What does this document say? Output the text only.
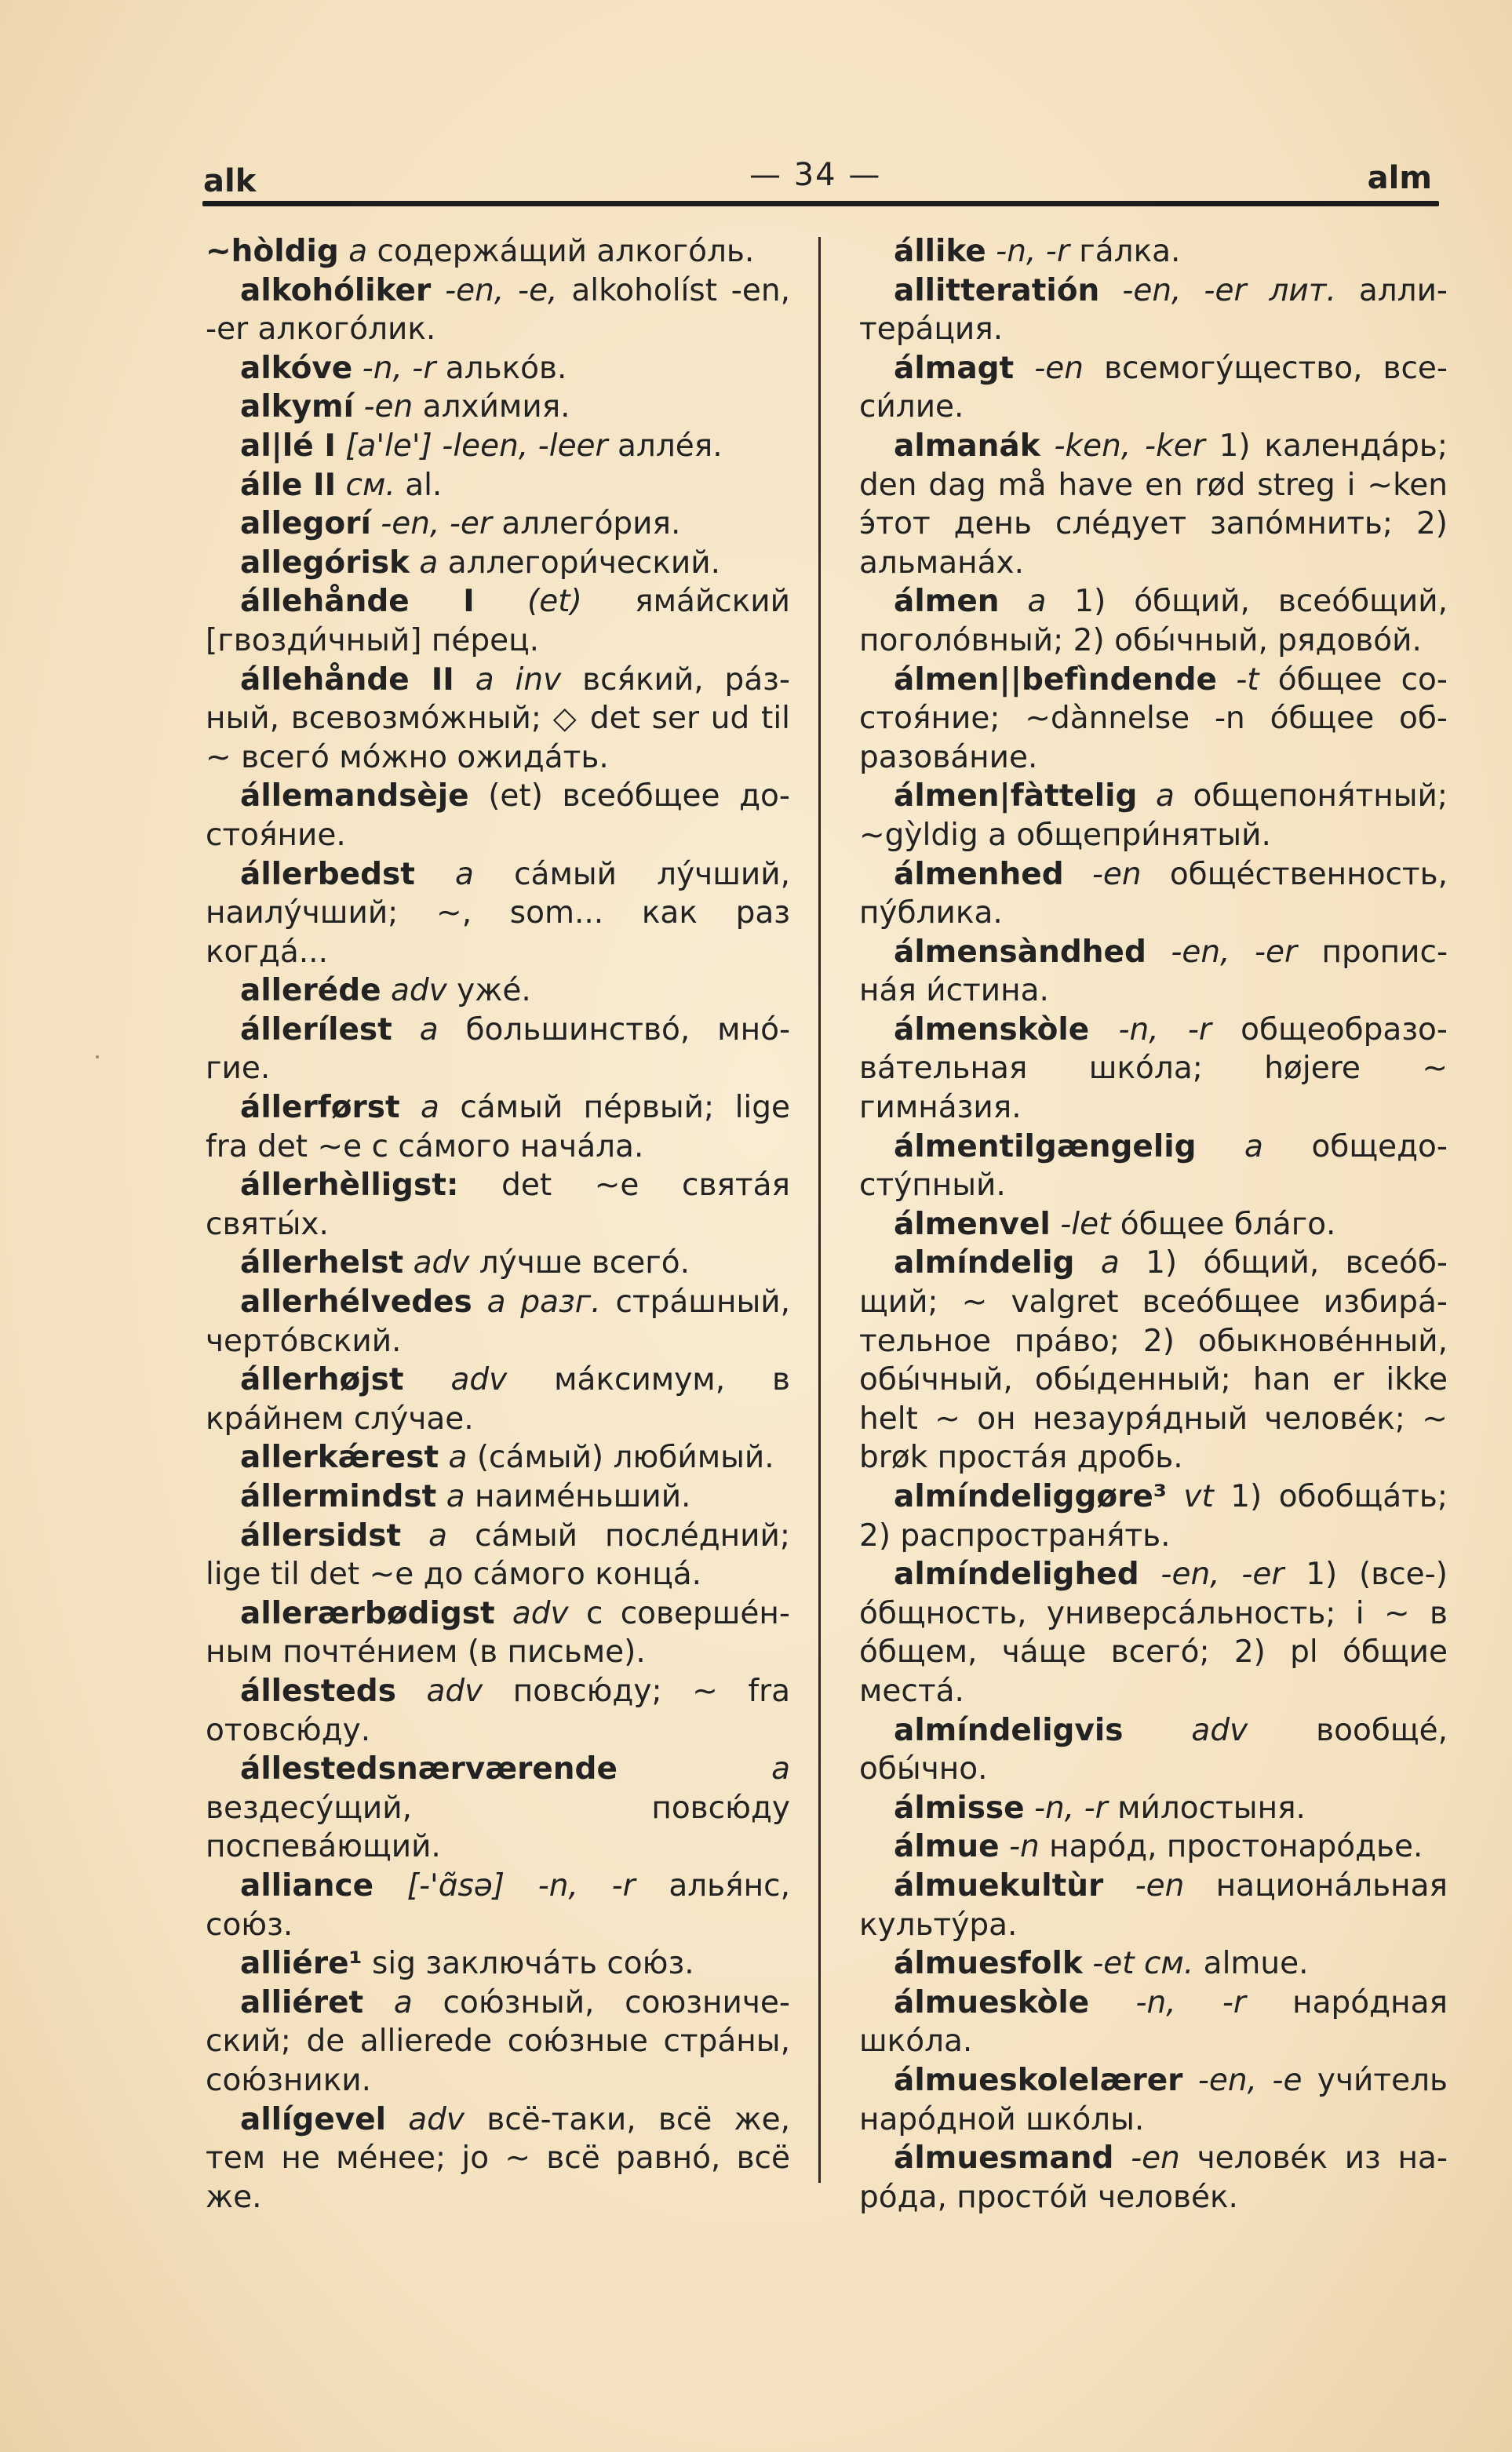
alk	— 34 —	alm
~hòldig a содержа́щий алкого́ль.
alkohóliker -en, -e, alkoholíst -en, -er алкого́лик.
alkóve -n, -r алько́в.
alkymí -en алхи́мия.
al|lé I [a'le'] -leen, -leer алле́я.
álle II см. al.
allegorí -en, -er аллего́рия.
allegórisk a аллегори́ческий.
állehånde I (et) яма́йский [гвозди́чный] пе́рец.
állehånde II a inv вся́кий, ра́зный, всевозмо́жный; ◇ det ser ud til ~ всего́ мо́жно ожида́ть.
állemandsèje (et) всео́бщее достоя́ние.
állerbedst a са́мый лу́чший, наилу́чший; ~, som... как раз когда́...
alleréde adv уже́.
állerílest a большинство́, мно́гие.
állerførst a са́мый пе́рвый; lige fra det ~e с са́мого нача́ла.
állerhèlligst: det ~e свята́я святы́х.
állerhelst adv лу́чше всего́.
allerhélvedes a разг. стра́шный, черто́вский.
állerhøjst adv ма́ксимум, в кра́йнем слу́чае.
allerkǽrest a (са́мый) люби́мый.
állermindst a наиме́ньший.
állersidst a са́мый после́дний; lige til det ~e до са́мого конца́.
allerærbødigst adv с соверше́нным почте́нием (в письме).
állesteds adv повсю́ду; ~ fra отовсю́ду.
állestedsnærværende	a вездесу́щий, повсю́ду поспева́ющий.
alliance [-'ɑ̃sə] -n, -r алья́нс, сою́з.
alliére¹ sig заключа́ть сою́з.
alliéret a сою́зный, союзнический; de allierede сою́зные стра́ны, сою́зники.
allígevel adv всё-таки, всё же, тем не ме́нее; jo ~ всё равно́, всё же.
állike -n, -r га́лка.
allitteratión -en, -er лит. аллитера́ция.
álmagt -en всемогу́щество, всеси́лие.
almanák -ken, -ker 1) календа́рь; den dag må have en rød streg i ~ken э́тот день сле́дует запо́мнить; 2) альмана́х.
álmen a 1) о́бщий, всео́бщий, поголо́вный; 2) обы́чный, рядово́й.
álmen||befìndende -t о́бщее состоя́ние; ~dànnelse -n о́бщее образова́ние.
álmen|fàttelig a общепоня́тный; ~gỳldig a общепри́нятый.
álmenhed -en обще́ственность, пу́блика.
álmensàndhed -en, -er прописна́я и́стина.
álmenskòle -n, -r общеобразова́тельная шко́ла; højere ~ гимна́зия.
álmentilgængelig a общедосту́пный.
álmenvel -let о́бщее бла́го.
almíndelig a 1) о́бщий, всео́бщий; ~ valgret всео́бщее избира́тельное пра́во; 2) обыкнове́нный, обы́чный, обы́денный; han er ikke helt ~ он незауря́дный челове́к; ~ brøk проста́я дробь.
almíndeliggøre³ vt 1) обобща́ть; 2) распространя́ть.
almíndelighed -en, -er 1) (все-) о́бщность, универса́льность; i ~ в о́бщем, ча́ще всего́; 2) pl о́бщие места́.
almíndeligvis adv вообще́, обы́чно.
álmisse -n, -r ми́лостыня.
álmue -n наро́д, простонаро́дье.
álmuekultùr -en национа́льная культу́ра.
álmuesfolk -et см. almue.
álmueskòle -n, -r наро́дная шко́ла.
álmueskolelærer -en, -e учи́тель наро́дной шко́лы.
álmuesmand -en челове́к из наро́да, просто́й челове́к.
